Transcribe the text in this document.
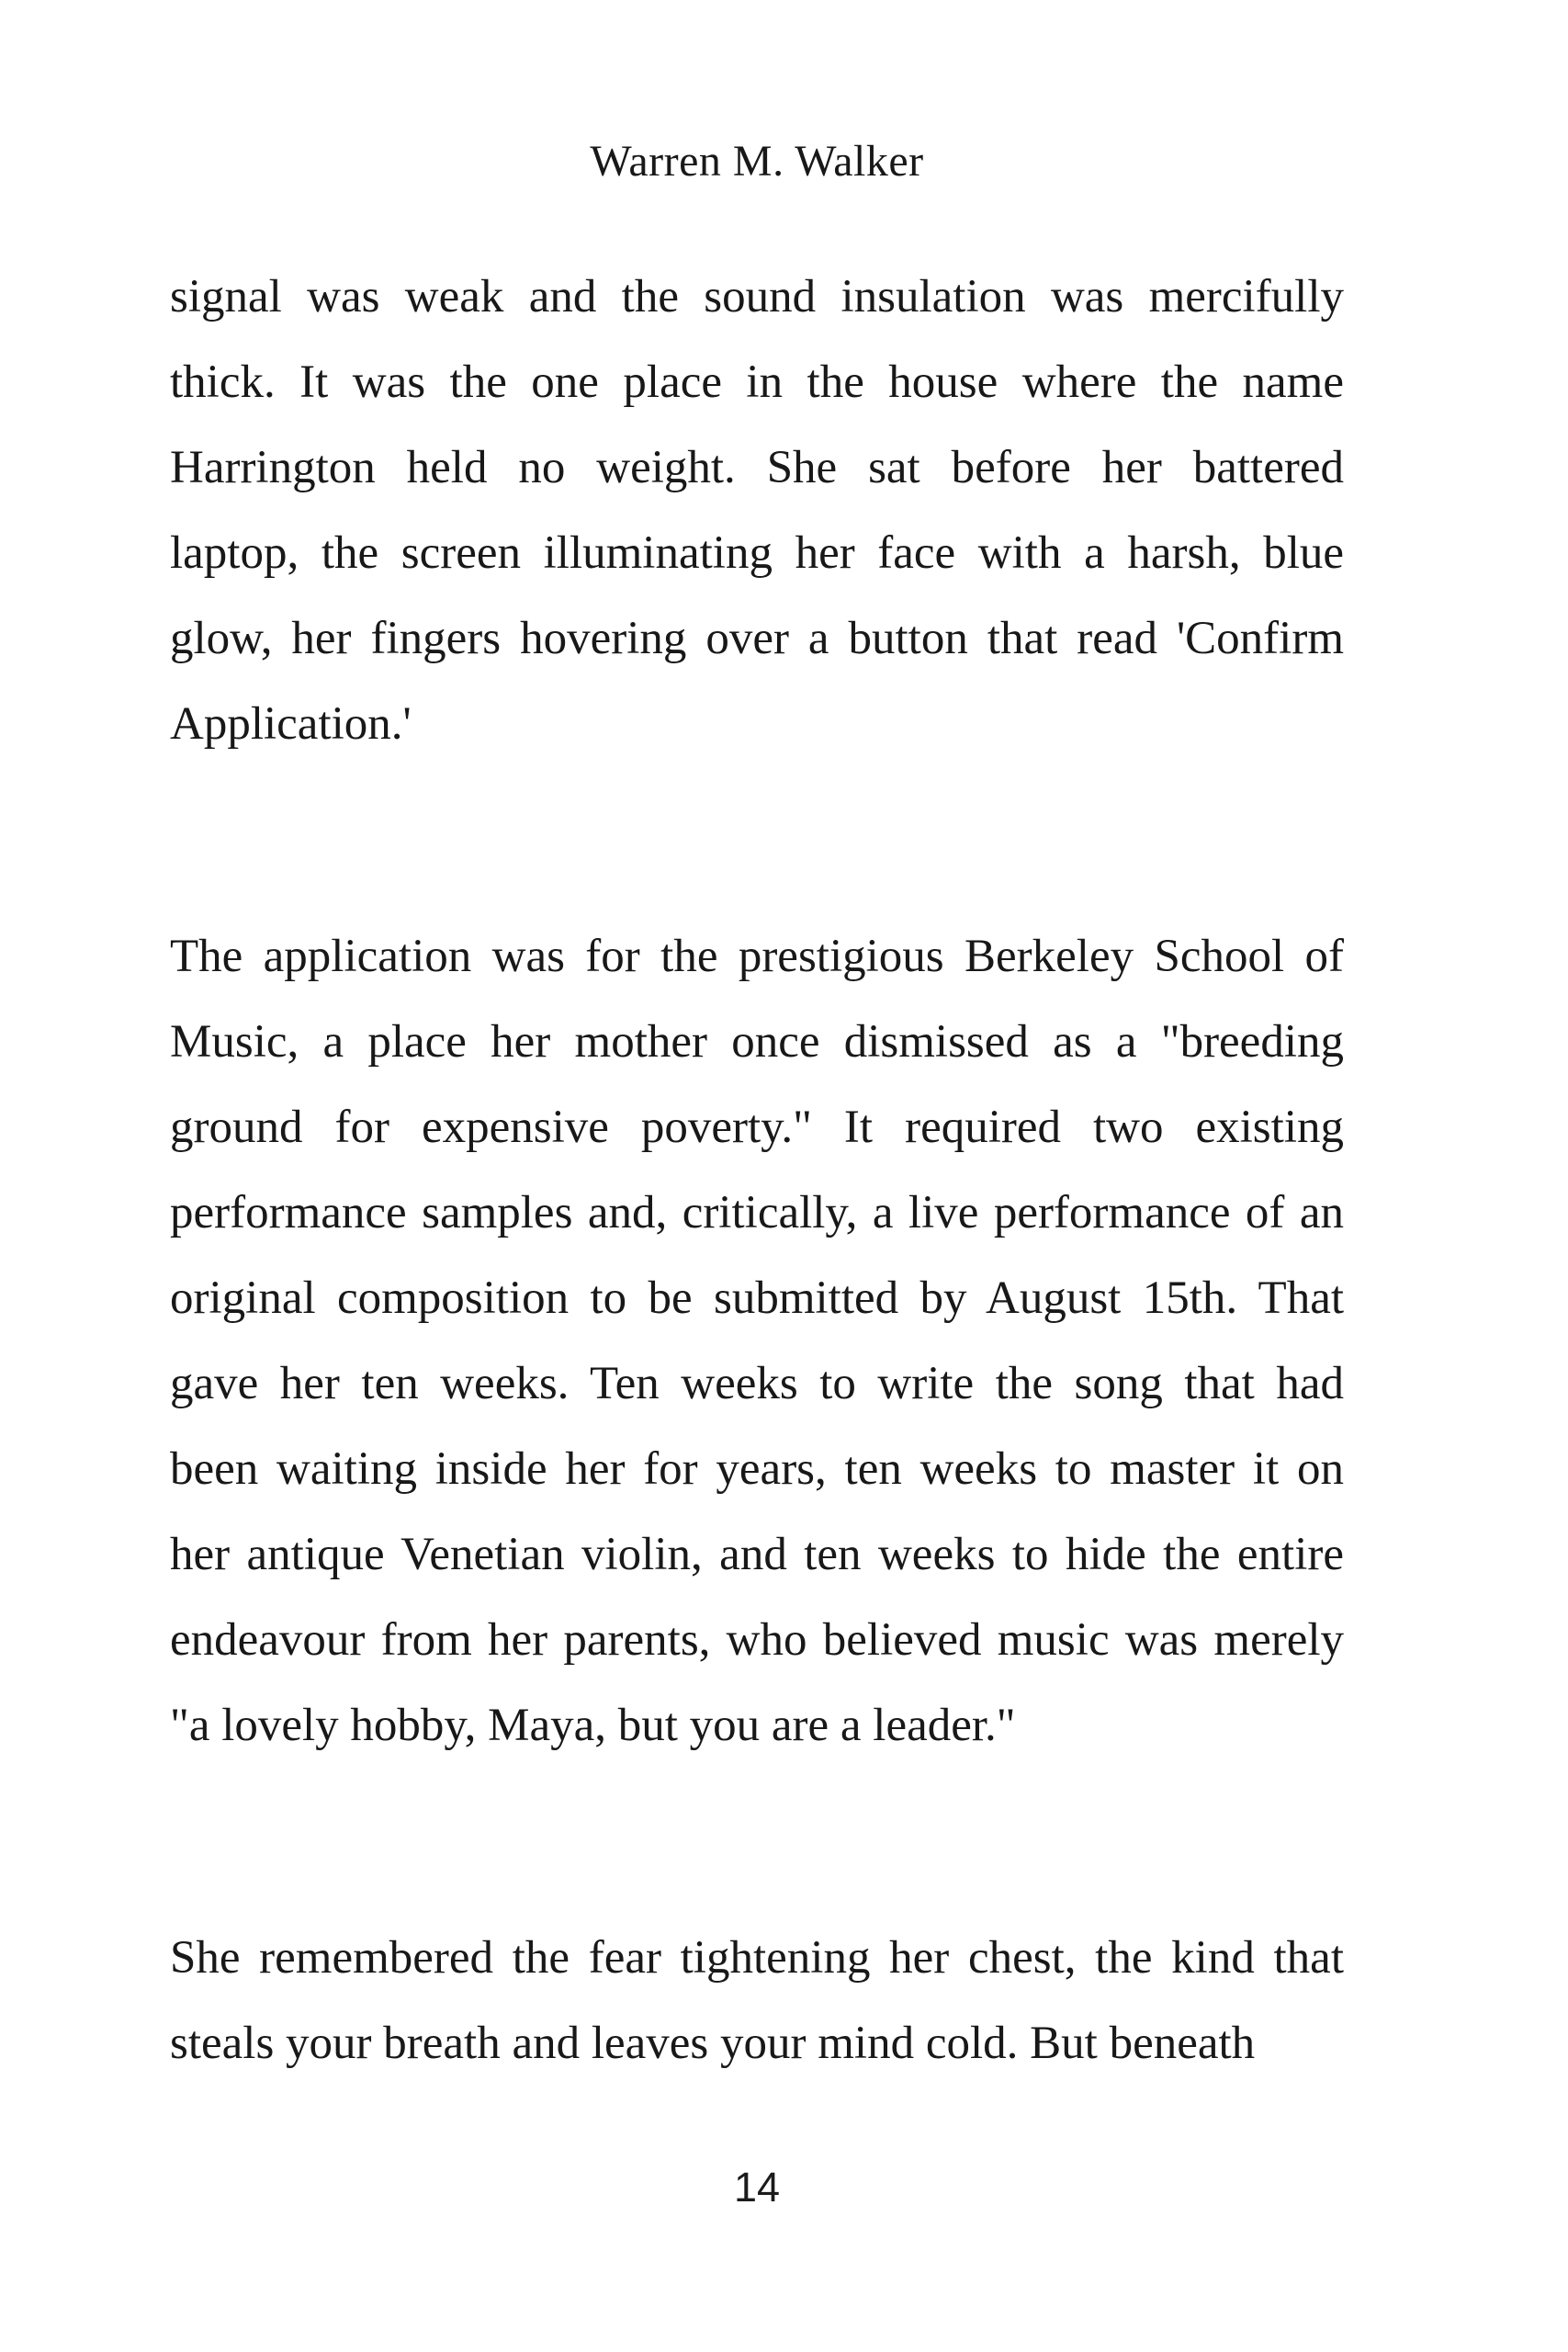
Warren M. Walker
signal was weak and the sound insulation was mercifully
thick. It was the one place in the house where the name
Harrington held no weight. She sat before her battered
laptop, the screen illuminating her face with a harsh, blue
glow, her fingers hovering over a button that read 'Confirm
Application.'
The application was for the prestigious Berkeley School of
Music, a place her mother once dismissed as a "breeding
ground for expensive poverty." It required two existing
performance samples and, critically, a live performance of an
original composition to be submitted by August 15th. That
gave her ten weeks. Ten weeks to write the song that had
been waiting inside her for years, ten weeks to master it on
her antique Venetian violin, and ten weeks to hide the entire
endeavour from her parents, who believed music was merely
"a lovely hobby, Maya, but you are a leader."
She remembered the fear tightening her chest, the kind that
steals your breath and leaves your mind cold. But beneath
14
